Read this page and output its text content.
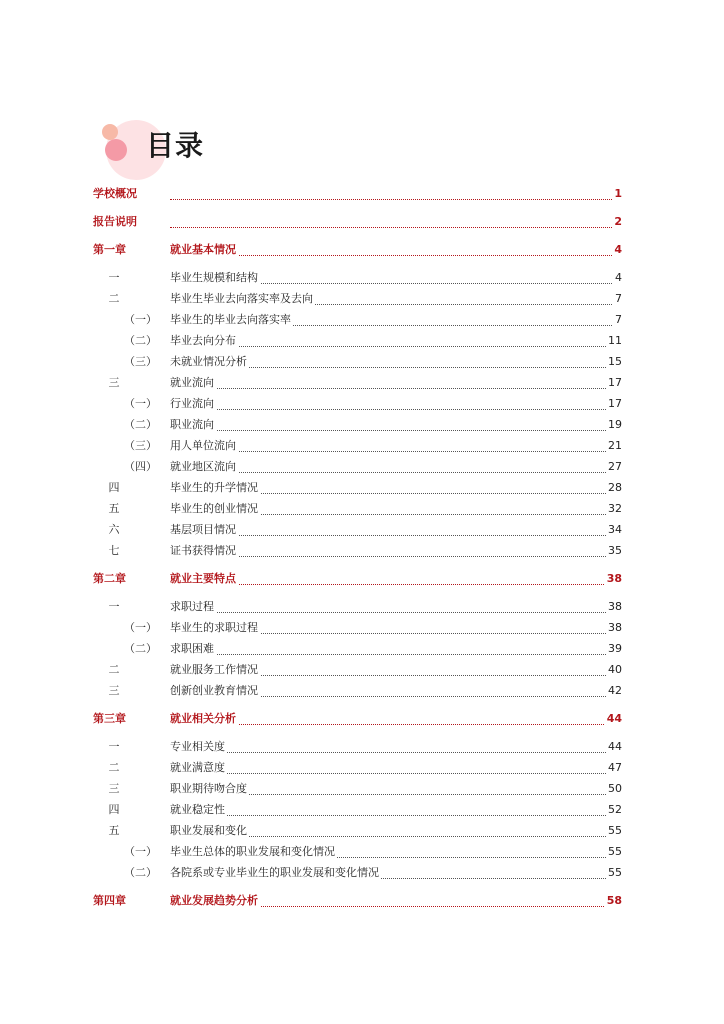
目录
学校概况	1
报告说明	2
第一章	就业基本情况	4
一	毕业生规模和结构	4
二	毕业生毕业去向落实率及去向	7
（一） 毕业生的毕业去向落实率	7
（二） 毕业去向分布	11
（三） 未就业情况分析	15
三	就业流向	17
（一） 行业流向	17
（二） 职业流向	19
（三） 用人单位流向	21
（四） 就业地区流向	27
四	毕业生的升学情况	28
五	毕业生的创业情况	32
六	基层项目情况	34
七	证书获得情况	35
第二章	就业主要特点	38
一	求职过程	38
（一） 毕业生的求职过程	38
（二） 求职困难	39
二	就业服务工作情况	40
三	创新创业教育情况	42
第三章	就业相关分析	44
一	专业相关度	44
二	就业满意度	47
三	职业期待吻合度	50
四	就业稳定性	52
五	职业发展和变化	55
（一） 毕业生总体的职业发展和变化情况	55
（二） 各院系或专业毕业生的职业发展和变化情况	55
第四章	就业发展趋势分析	58
